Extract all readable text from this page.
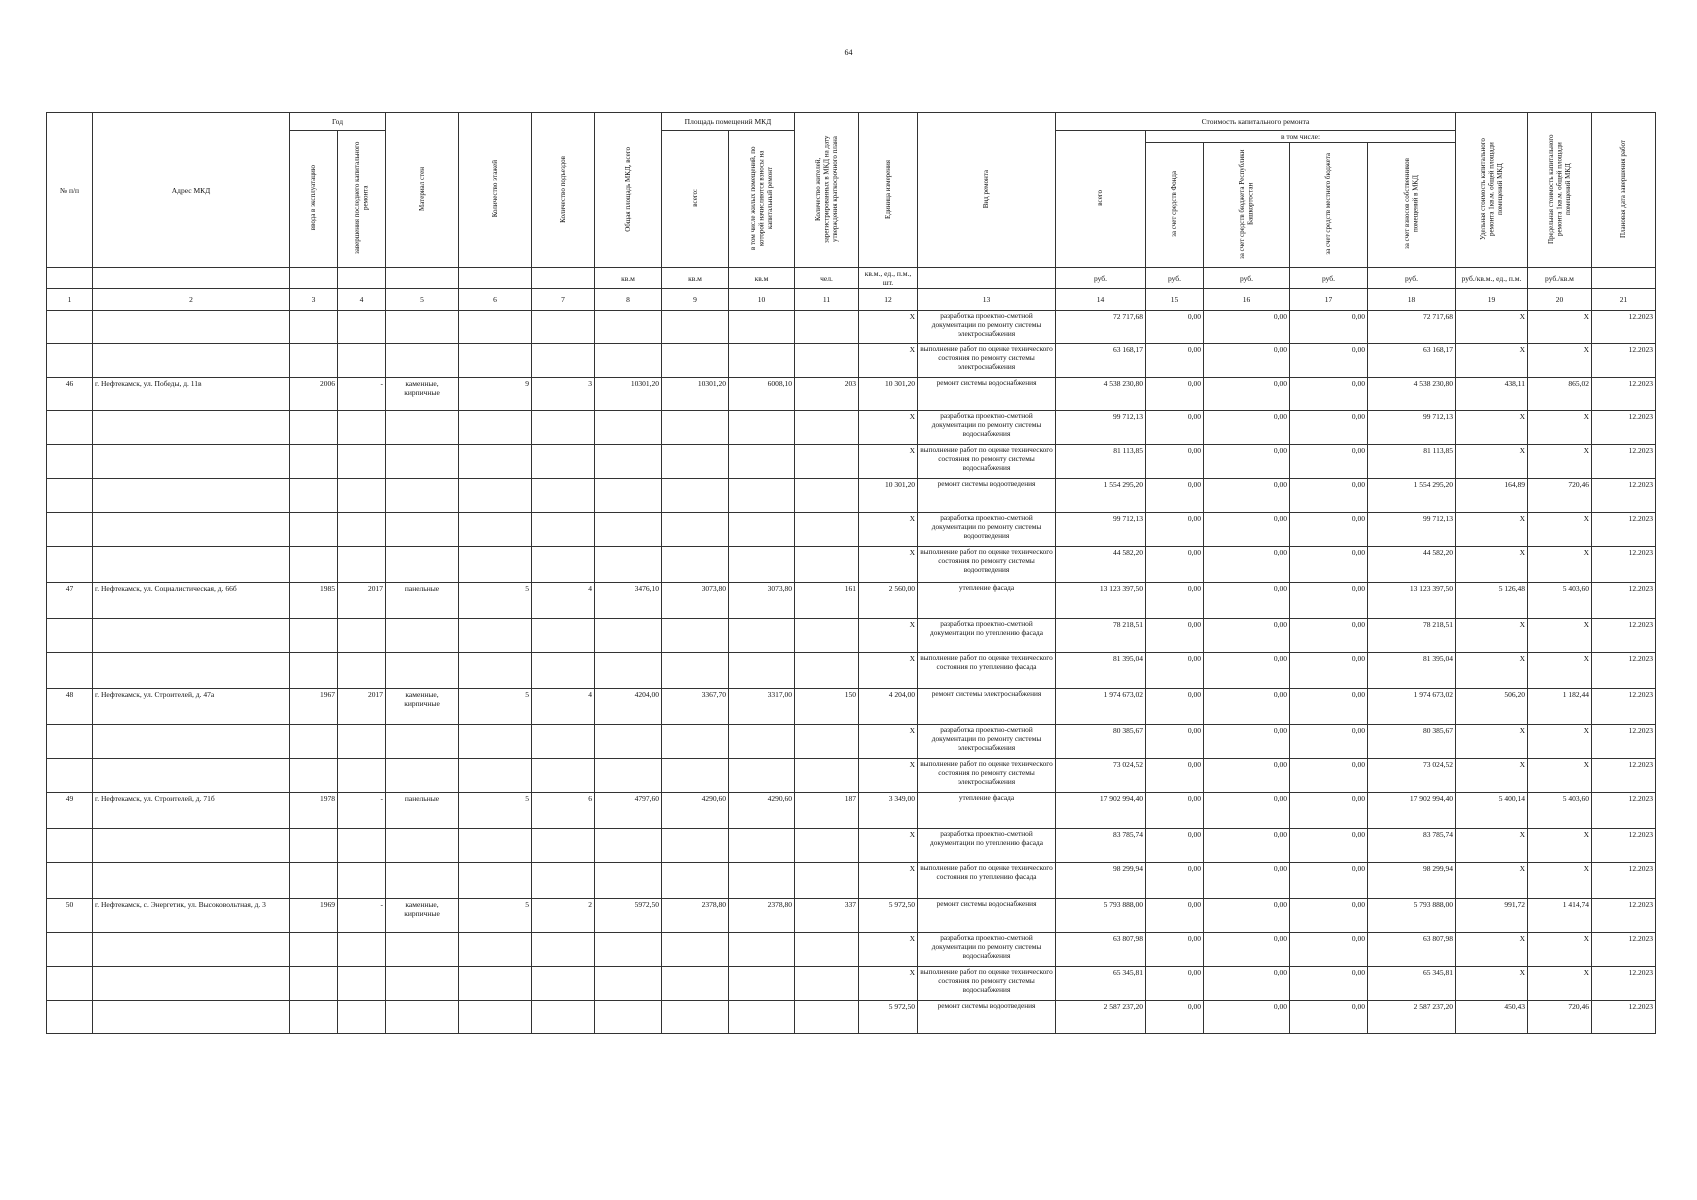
64
№ п/п	Адрес МКД	Год		Материал стен	Количество этажей	Количество подъездов	Общая площадь МКД, всего	Площадь помещений МКД		Количество жителей, зарегистрированных в МКД на дату утверждения краткосрочного плана	Единица измерения	Вид ремонта	Стоимость капитального ремонта					Удельная стоимость капитального ремонта 1кв.м. общей площади помещений МКД	Предельная стоимость капитального ремонта 1кв.м. общей площади помещений МКД	Плановая дата завершения работ
		ввода в эксплуатацию	завершения последнего капитального ремонта					всего:	в том числе жилых помещений, по которой начисляются взносы на капитальный ремонт				всего	в том числе:						
														за счет средств Фонда	за счет средств бюджета Республики Башкортостан	за счет средств местного бюджета	за счет взносов собственников помещений в МКД			
							кв.м	кв.м	кв.м	чел.	кв.м., ед., п.м., шт.		руб.	руб.	руб.	руб.	руб.	руб./кв.м., ед., п.м.	руб./кв.м	
1	2	3	4	5	6	7	8	9	10	11	12	13	14	15	16	17	18	19	20	21
											X	разработка проектно-сметной документации по ремонту системы электроснабжения	72 717,68	0,00	0,00	0,00	72 717,68	X	X	12.2023
											X	выполнение работ по оценке технического состояния по ремонту системы электроснабжения	63 168,17	0,00	0,00	0,00	63 168,17	X	X	12.2023
46	г. Нефтекамск, ул. Победы, д. 11в	2006	-	каменные, кирпичные	9	3	10301,20	10301,20	6008,10	203	10 301,20	ремонт системы водоснабжения	4 538 230,80	0,00	0,00	0,00	4 538 230,80	438,11	865,02	12.2023
											X	разработка проектно-сметной документации по ремонту системы водоснабжения	99 712,13	0,00	0,00	0,00	99 712,13	X	X	12.2023
											X	выполнение работ по оценке технического состояния по ремонту системы водоснабжения	81 113,85	0,00	0,00	0,00	81 113,85	X	X	12.2023
											10 301,20	ремонт системы водоотведения	1 554 295,20	0,00	0,00	0,00	1 554 295,20	164,89	720,46	12.2023
											X	разработка проектно-сметной документации по ремонту системы водоотведения	99 712,13	0,00	0,00	0,00	99 712,13	X	X	12.2023
											X	выполнение работ по оценке технического состояния по ремонту системы водоотведения	44 582,20	0,00	0,00	0,00	44 582,20	X	X	12.2023
47	г. Нефтекамск, ул. Социалистическая, д. 66б	1985	2017	панельные	5	4	3476,10	3073,80	3073,80	161	2 560,00	утепление фасада	13 123 397,50	0,00	0,00	0,00	13 123 397,50	5 126,48	5 403,60	12.2023
											X	разработка проектно-сметной документации по утеплению фасада	78 218,51	0,00	0,00	0,00	78 218,51	X	X	12.2023
											X	выполнение работ по оценке технического состояния по утеплению фасада	81 395,04	0,00	0,00	0,00	81 395,04	X	X	12.2023
48	г. Нефтекамск, ул. Строителей, д. 47а	1967	2017	каменные, кирпичные	5	4	4204,00	3367,70	3317,00	150	4 204,00	ремонт системы электроснабжения	1 974 673,02	0,00	0,00	0,00	1 974 673,02	506,20	1 182,44	12.2023
											X	разработка проектно-сметной документации по ремонту системы электроснабжения	80 385,67	0,00	0,00	0,00	80 385,67	X	X	12.2023
											X	выполнение работ по оценке технического состояния по ремонту системы электроснабжения	73 024,52	0,00	0,00	0,00	73 024,52	X	X	12.2023
49	г. Нефтекамск, ул. Строителей, д. 71б	1978	-	панельные	5	6	4797,60	4290,60	4290,60	187	3 349,00	утепление фасада	17 902 994,40	0,00	0,00	0,00	17 902 994,40	5 400,14	5 403,60	12.2023
											X	разработка проектно-сметной документации по утеплению фасада	83 785,74	0,00	0,00	0,00	83 785,74	X	X	12.2023
											X	выполнение работ по оценке технического состояния по утеплению фасада	98 299,94	0,00	0,00	0,00	98 299,94	X	X	12.2023
50	г. Нефтекамск, с. Энергетик, ул. Высоковольтная, д. 3	1969	-	каменные, кирпичные	5	2	5972,50	2378,80	2378,80	337	5 972,50	ремонт системы водоснабжения	5 793 888,00	0,00	0,00	0,00	5 793 888,00	991,72	1 414,74	12.2023
											X	разработка проектно-сметной документации по ремонту системы водоснабжения	63 807,98	0,00	0,00	0,00	63 807,98	X	X	12.2023
											X	выполнение работ по оценке технического состояния по ремонту системы водоснабжения	65 345,81	0,00	0,00	0,00	65 345,81	X	X	12.2023
											5 972,50	ремонт системы водоотведения	2 587 237,20	0,00	0,00	0,00	2 587 237,20	450,43	720,46	12.2023
